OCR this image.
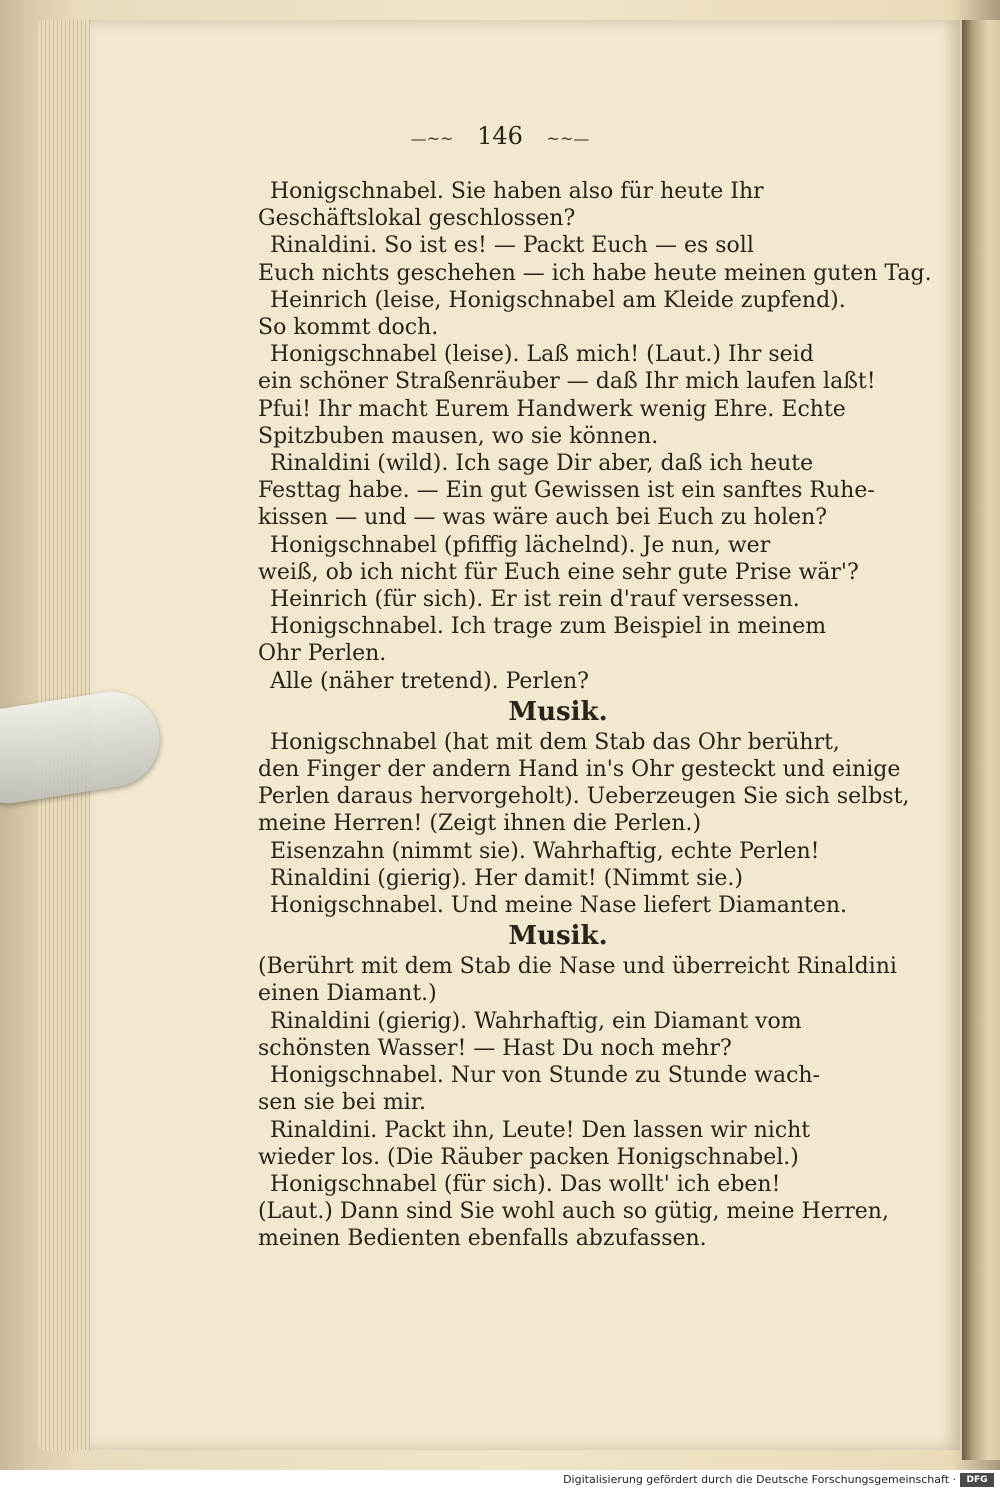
—~~ 146 ~~—
Honigschnabel. Sie haben also für heute Ihr
Geschäftslokal geschlossen?
Rinaldini. So ist es! — Packt Euch — es soll
Euch nichts geschehen — ich habe heute meinen guten Tag.
Heinrich (leise, Honigschnabel am Kleide zupfend).
So kommt doch.
Honigschnabel (leise). Laß mich! (Laut.) Ihr seid
ein schöner Straßenräuber — daß Ihr mich laufen laßt!
Pfui! Ihr macht Eurem Handwerk wenig Ehre. Echte
Spitzbuben mausen, wo sie können.
Rinaldini (wild). Ich sage Dir aber, daß ich heute
Festtag habe. — Ein gut Gewissen ist ein sanftes Ruhe-
kissen — und — was wäre auch bei Euch zu holen?
Honigschnabel (pfiffig lächelnd). Je nun, wer
weiß, ob ich nicht für Euch eine sehr gute Prise wär'?
Heinrich (für sich). Er ist rein d'rauf versessen.
Honigschnabel. Ich trage zum Beispiel in meinem
Ohr Perlen.
Alle (näher tretend). Perlen?
Musik.
Honigschnabel (hat mit dem Stab das Ohr berührt,
den Finger der andern Hand in's Ohr gesteckt und einige
Perlen daraus hervorgeholt). Ueberzeugen Sie sich selbst,
meine Herren! (Zeigt ihnen die Perlen.)
Eisenzahn (nimmt sie). Wahrhaftig, echte Perlen!
Rinaldini (gierig). Her damit! (Nimmt sie.)
Honigschnabel. Und meine Nase liefert Diamanten.
Musik.
(Berührt mit dem Stab die Nase und überreicht Rinaldini
einen Diamant.)
Rinaldini (gierig). Wahrhaftig, ein Diamant vom
schönsten Wasser! — Hast Du noch mehr?
Honigschnabel. Nur von Stunde zu Stunde wach-
sen sie bei mir.
Rinaldini. Packt ihn, Leute! Den lassen wir nicht
wieder los. (Die Räuber packen Honigschnabel.)
Honigschnabel (für sich). Das wollt' ich eben!
(Laut.) Dann sind Sie wohl auch so gütig, meine Herren,
meinen Bedienten ebenfalls abzufassen.
Digitalisierung gefördert durch die Deutsche Forschungsgemeinschaft ·	DFG
